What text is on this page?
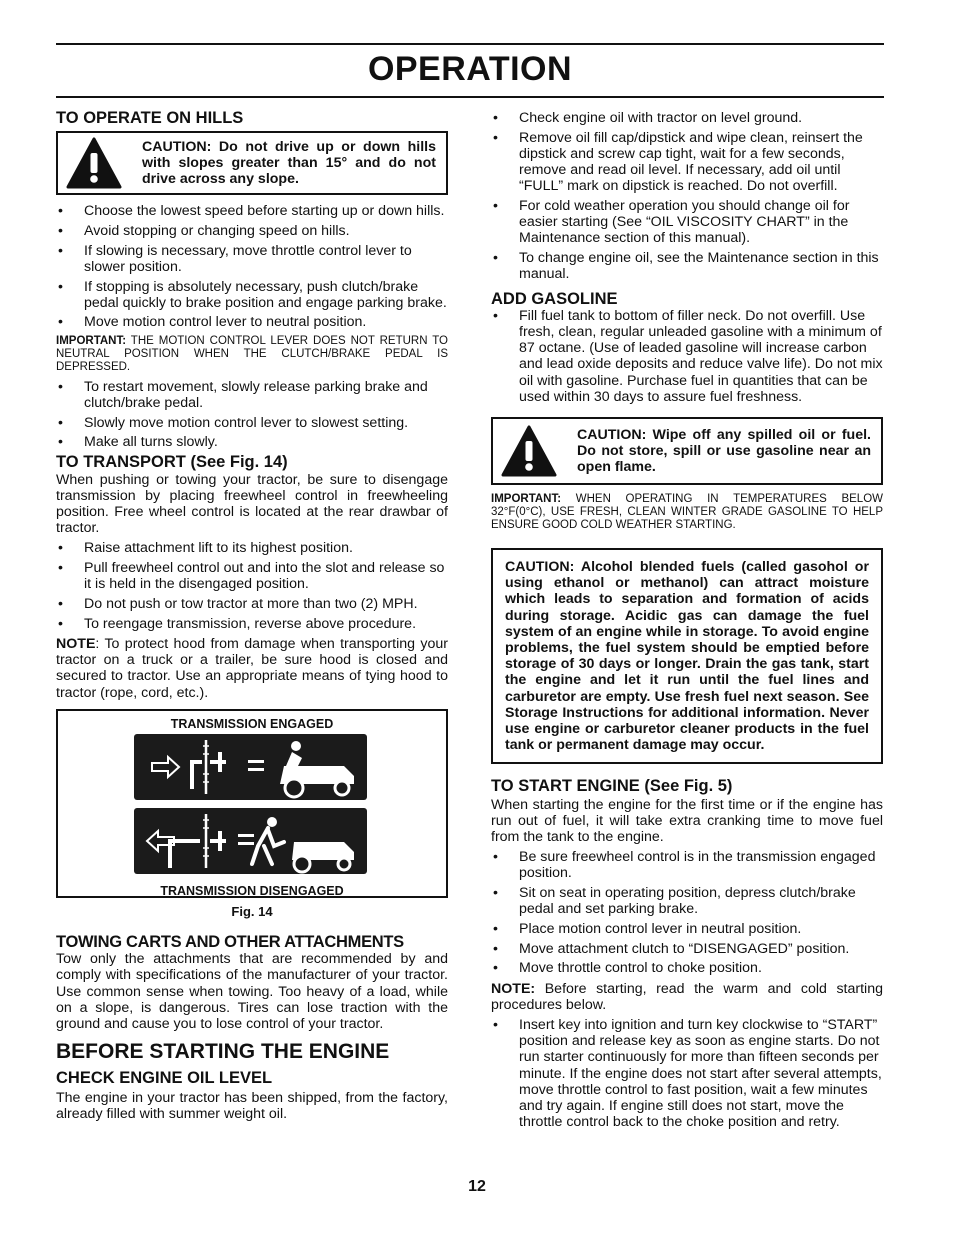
OPERATION
TO OPERATE ON HILLS
CAUTION: Do not drive up or down hills with slopes greater than 15° and do not drive across any slope.
• Choose the lowest speed before starting up or down hills.
• Avoid stopping or changing speed on hills.
• If slowing is necessary, move throttle control lever to slower position.
• If stopping is absolutely necessary, push clutch/brake pedal quickly to brake position and engage parking brake.
• Move motion control lever to neutral position.

IMPORTANT: THE MOTION CONTROL LEVER DOES NOT RETURN TO NEUTRAL POSITION WHEN THE CLUTCH/BRAKE PEDAL IS DEPRESSED.

• To restart movement, slowly release parking brake and clutch/brake pedal.
• Slowly move motion control lever to slowest setting.
• Make all turns slowly.
TO TRANSPORT (See Fig. 14)

When pushing or towing your tractor, be sure to disengage transmission by placing freewheel control in freewheeling position. Free wheel control is located at the rear drawbar of tractor.

• Raise attachment lift to its highest position.
• Pull freewheel control out and into the slot and release so it is held in the disengaged position.
• Do not push or tow tractor at more than two (2) MPH.
• To reengage transmission, reverse above procedure.

NOTE: To protect hood from damage when transporting your tractor on a truck or a trailer, be sure hood is closed and secured to tractor. Use an appropriate means of tying hood to tractor (rope, cord, etc.).

TRANSMISSION ENGAGED
TRANSMISSION DISENGAGED
Fig. 14
TOWING CARTS AND OTHER ATTACHMENTS

Tow only the attachments that are recommended by and comply with specifications of the manufacturer of your tractor. Use common sense when towing. Too heavy of a load, while on a slope, is dangerous. Tires can lose traction with the ground and cause you to lose control of your tractor.

BEFORE STARTING THE ENGINE
CHECK ENGINE OIL LEVEL

The engine in your tractor has been shipped, from the factory, already filled with summer weight oil.

• Check engine oil with tractor on level ground.
• Remove oil fill cap/dipstick and wipe clean, reinsert the dipstick and screw cap tight, wait for a few seconds, remove and read oil level. If necessary, add oil until “FULL” mark on dipstick is reached. Do not overfill.
• For cold weather operation you should change oil for easier starting (See “OIL VISCOSITY CHART” in the Maintenance section of this manual).
• To change engine oil, see the Maintenance section in this manual.
ADD GASOLINE
• Fill fuel tank to bottom of filler neck. Do not overfill. Use fresh, clean, regular unleaded gasoline with a minimum of 87 octane. (Use of leaded gasoline will increase carbon and lead oxide deposits and reduce valve life). Do not mix oil with gasoline. Purchase fuel in quantities that can be used within 30 days to assure fuel freshness.
CAUTION: Wipe off any spilled oil or fuel. Do not store, spill or use gasoline near an open flame.

IMPORTANT: WHEN OPERATING IN TEMPERATURES BELOW 32°F(0°C), USE FRESH, CLEAN WINTER GRADE GASOLINE TO HELP ENSURE GOOD COLD WEATHER STARTING.

CAUTION: Alcohol blended fuels (called gasohol or using ethanol or methanol) can attract moisture which leads to separation and formation of acids during storage. Acidic gas can damage the fuel system of an engine while in storage. To avoid engine problems, the fuel system should be emptied before storage of 30 days or longer. Drain the gas tank, start the engine and let it run until the fuel lines and carburetor are empty. Use fresh fuel next season. See Storage Instructions for additional information. Never use engine or carburetor cleaner products in the fuel tank or permanent damage may occur.
TO START ENGINE (See Fig. 5)

When starting the engine for the first time or if the engine has run out of fuel, it will take extra cranking time to move fuel from the tank to the engine.

• Be sure freewheel control is in the transmission engaged position.
• Sit on seat in operating position, depress clutch/brake pedal and set parking brake.
• Place motion control lever in neutral position.
• Move attachment clutch to “DISENGAGED” position.
• Move throttle control to choke position.

NOTE: Before starting, read the warm and cold starting procedures below.

• Insert key into ignition and turn key clockwise to “START” position and release key as soon as engine starts. Do not run starter continuously for more than fifteen seconds per minute. If the engine does not start after several attempts, move throttle control to fast position, wait a few minutes and try again. If engine still does not start, move the throttle control back to the choke position and retry.
12
